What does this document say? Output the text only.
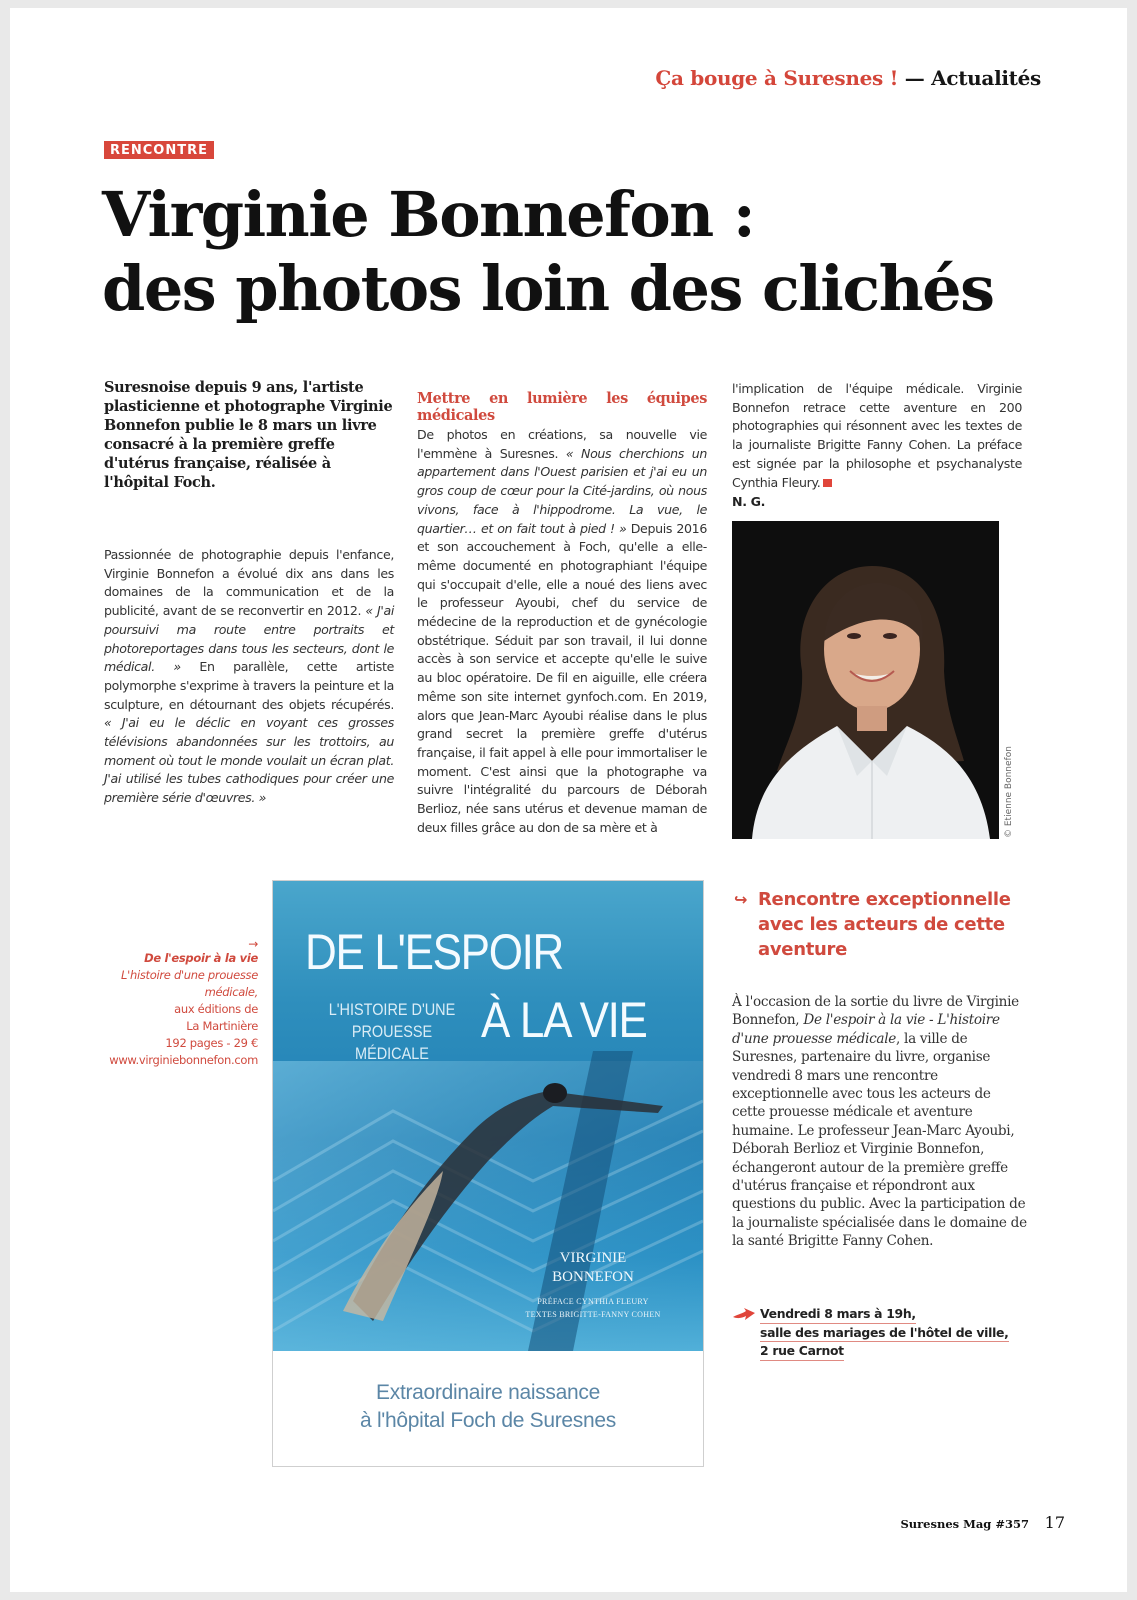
Ça bouge à Suresnes ! — Actualités
RENCONTRE
Virginie Bonnefon :
des photos loin des clichés
Suresnoise depuis 9 ans, l'artiste plasticienne et photographe Virginie Bonnefon publie le 8 mars un livre consacré à la première greffe d'utérus française, réalisée à l'hôpital Foch.
Passionnée de photographie depuis l'enfance, Virginie Bonnefon a évolué dix ans dans les domaines de la communication et de la publicité, avant de se reconvertir en 2012. « J'ai poursuivi ma route entre portraits et photoreportages dans tous les secteurs, dont le médical. » En parallèle, cette artiste polymorphe s'exprime à travers la peinture et la sculpture, en détournant des objets récupérés. « J'ai eu le déclic en voyant ces grosses télévisions abandonnées sur les trottoirs, au moment où tout le monde voulait un écran plat. J'ai utilisé les tubes cathodiques pour créer une première série d'œuvres. »
Mettre en lumière les équipes médicales
De photos en créations, sa nouvelle vie l'emmène à Suresnes. « Nous cherchions un appartement dans l'Ouest parisien et j'ai eu un gros coup de cœur pour la Cité-jardins, où nous vivons, face à l'hippodrome. La vue, le quartier… et on fait tout à pied ! » Depuis 2016 et son accouchement à Foch, qu'elle a elle-même documenté en photographiant l'équipe qui s'occupait d'elle, elle a noué des liens avec le professeur Ayoubi, chef du service de médecine de la reproduction et de gynécologie obstétrique. Séduit par son travail, il lui donne accès à son service et accepte qu'elle le suive au bloc opératoire. De fil en aiguille, elle créera même son site internet gynfoch.com. En 2019, alors que Jean-Marc Ayoubi réalise dans le plus grand secret la première greffe d'utérus française, il fait appel à elle pour immortaliser le moment. C'est ainsi que la photographe va suivre l'intégralité du parcours de Déborah Berlioz, née sans utérus et devenue maman de deux filles grâce au don de sa mère et à
l'implication de l'équipe médicale. Virginie Bonnefon retrace cette aventure en 200 photographies qui résonnent avec les textes de la journaliste Brigitte Fanny Cohen. La préface est signée par la philosophe et psychanalyste Cynthia Fleury.
N. G.
© Etienne Bonnefon
→
De l'espoir à la vie
L'histoire d'une prouesse médicale,
aux éditions de
La Martinière
192 pages - 29 €
www.virginiebonnefon.com
DE L'ESPOIR
L'HISTOIRE D'UNE PROUESSE MÉDICALE
À LA VIE
VIRGINIE
BONNEFON
PRÉFACE CYNTHIA FLEURY
TEXTES BRIGITTE-FANNY COHEN
Extraordinaire naissance
à l'hôpital Foch de Suresnes
↪ Rencontre exceptionnelle avec les acteurs de cette aventure
À l'occasion de la sortie du livre de Virginie Bonnefon, De l'espoir à la vie - L'histoire d'une prouesse médicale, la ville de Suresnes, partenaire du livre, organise vendredi 8 mars une rencontre exceptionnelle avec tous les acteurs de cette prouesse médicale et aventure humaine. Le professeur Jean-Marc Ayoubi, Déborah Berlioz et Virginie Bonnefon, échangeront autour de la première greffe d'utérus française et répondront aux questions du public. Avec la participation de la journaliste spécialisée dans le domaine de la santé Brigitte Fanny Cohen.
Vendredi 8 mars à 19h,
salle des mariages de l'hôtel de ville,
2 rue Carnot
Suresnes Mag #357 17
